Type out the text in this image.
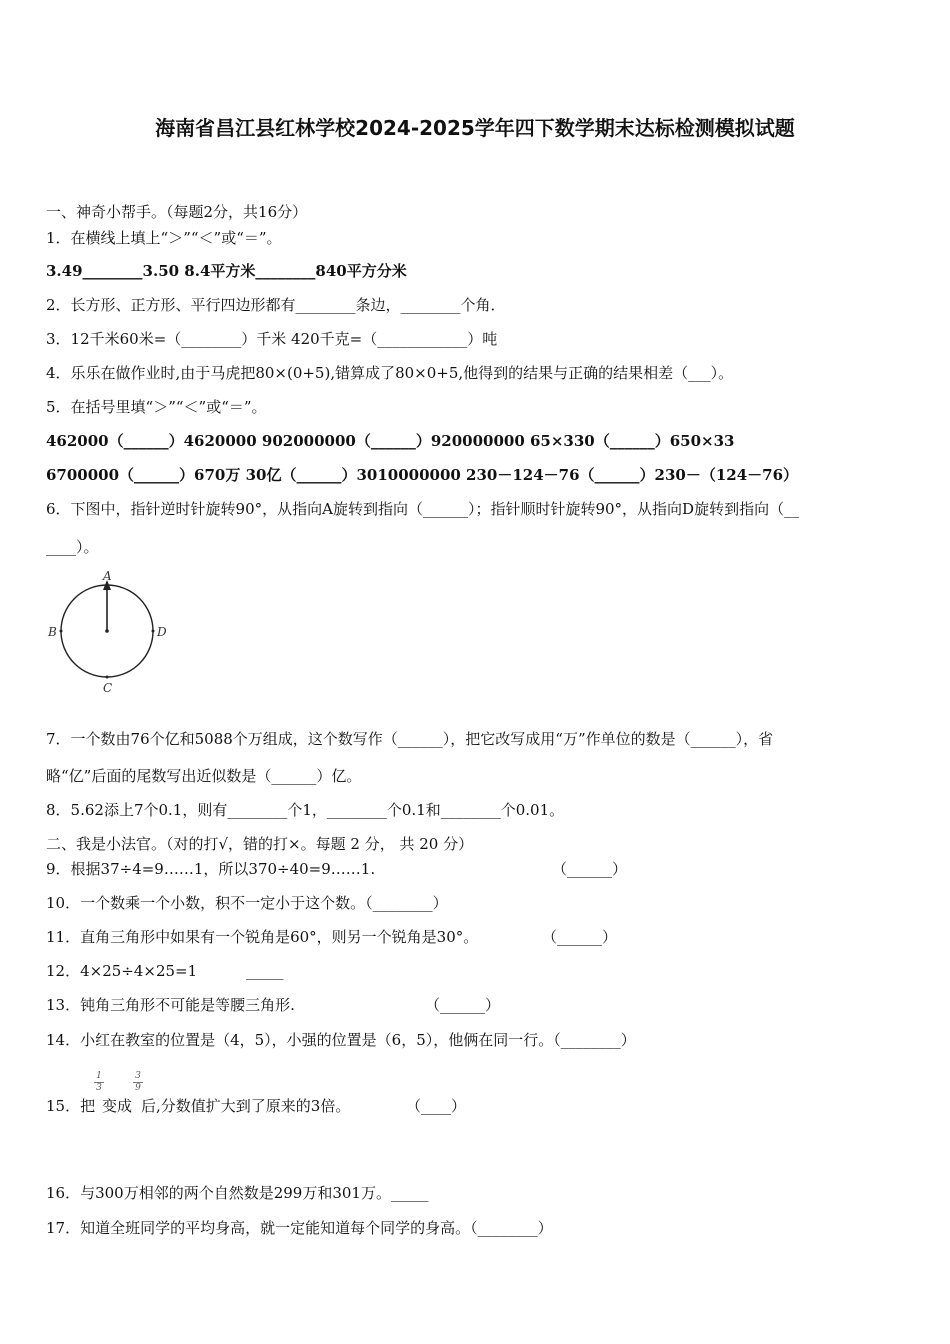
海南省昌江县红林学校2024-2025学年四下数学期末达标检测模拟试题
一、神奇小帮手。（每题2分，共16分）
1．在横线上填上“＞”“＜”或“＝”。
3.49________3.50 8.4平方米________840平方分米
2．长方形、正方形、平行四边形都有________条边，________个角．
3．12千米60米=（________）千米 420千克=（____________）吨
4．乐乐在做作业时,由于马虎把80×(0+5),错算成了80×0+5,他得到的结果与正确的结果相差（___）。
5．在括号里填“＞”“＜”或“＝”。
462000（______）4620000 902000000（______）920000000 65×330（______）650×33
6700000（______）670万 30亿（______）3010000000 230－124－76（______）230－（124－76）
6．下图中，指针逆时针旋转90°，从指向A旋转到指向（______）；指针顺时针旋转90°，从指向D旋转到指向（__
____）。
A
B
C
D
7．一个数由76个亿和5088个万组成，这个数写作（______），把它改写成用“万”作单位的数是（______），省
略“亿”后面的尾数写出近似数是（______）亿。
8．5.62添上7个0.1，则有________个1，________个0.1和________个0.01。
二、我是小法官。（对的打√，错的打×。每题 2 分， 共 20 分）
9．根据37÷4=9……1，所以370÷40=9……1.	（______）
10．一个数乘一个小数，积不一定小于这个数。（________）
11．直角三角形中如果有一个锐角是60°，则另一个锐角是30°。	（______）
12．4×25÷4×25=1	_____
13．钝角三角形不可能是等腰三角形.	（______）
14．小红在教室的位置是（4，5），小强的位置是（6，5），他俩在同一行。（________）
15．把
1
3
变成
3
9
后,分数值扩大到了原来的3倍。	（____）
16．与300万相邻的两个自然数是299万和301万。_____
17．知道全班同学的平均身高，就一定能知道每个同学的身高。（________）
